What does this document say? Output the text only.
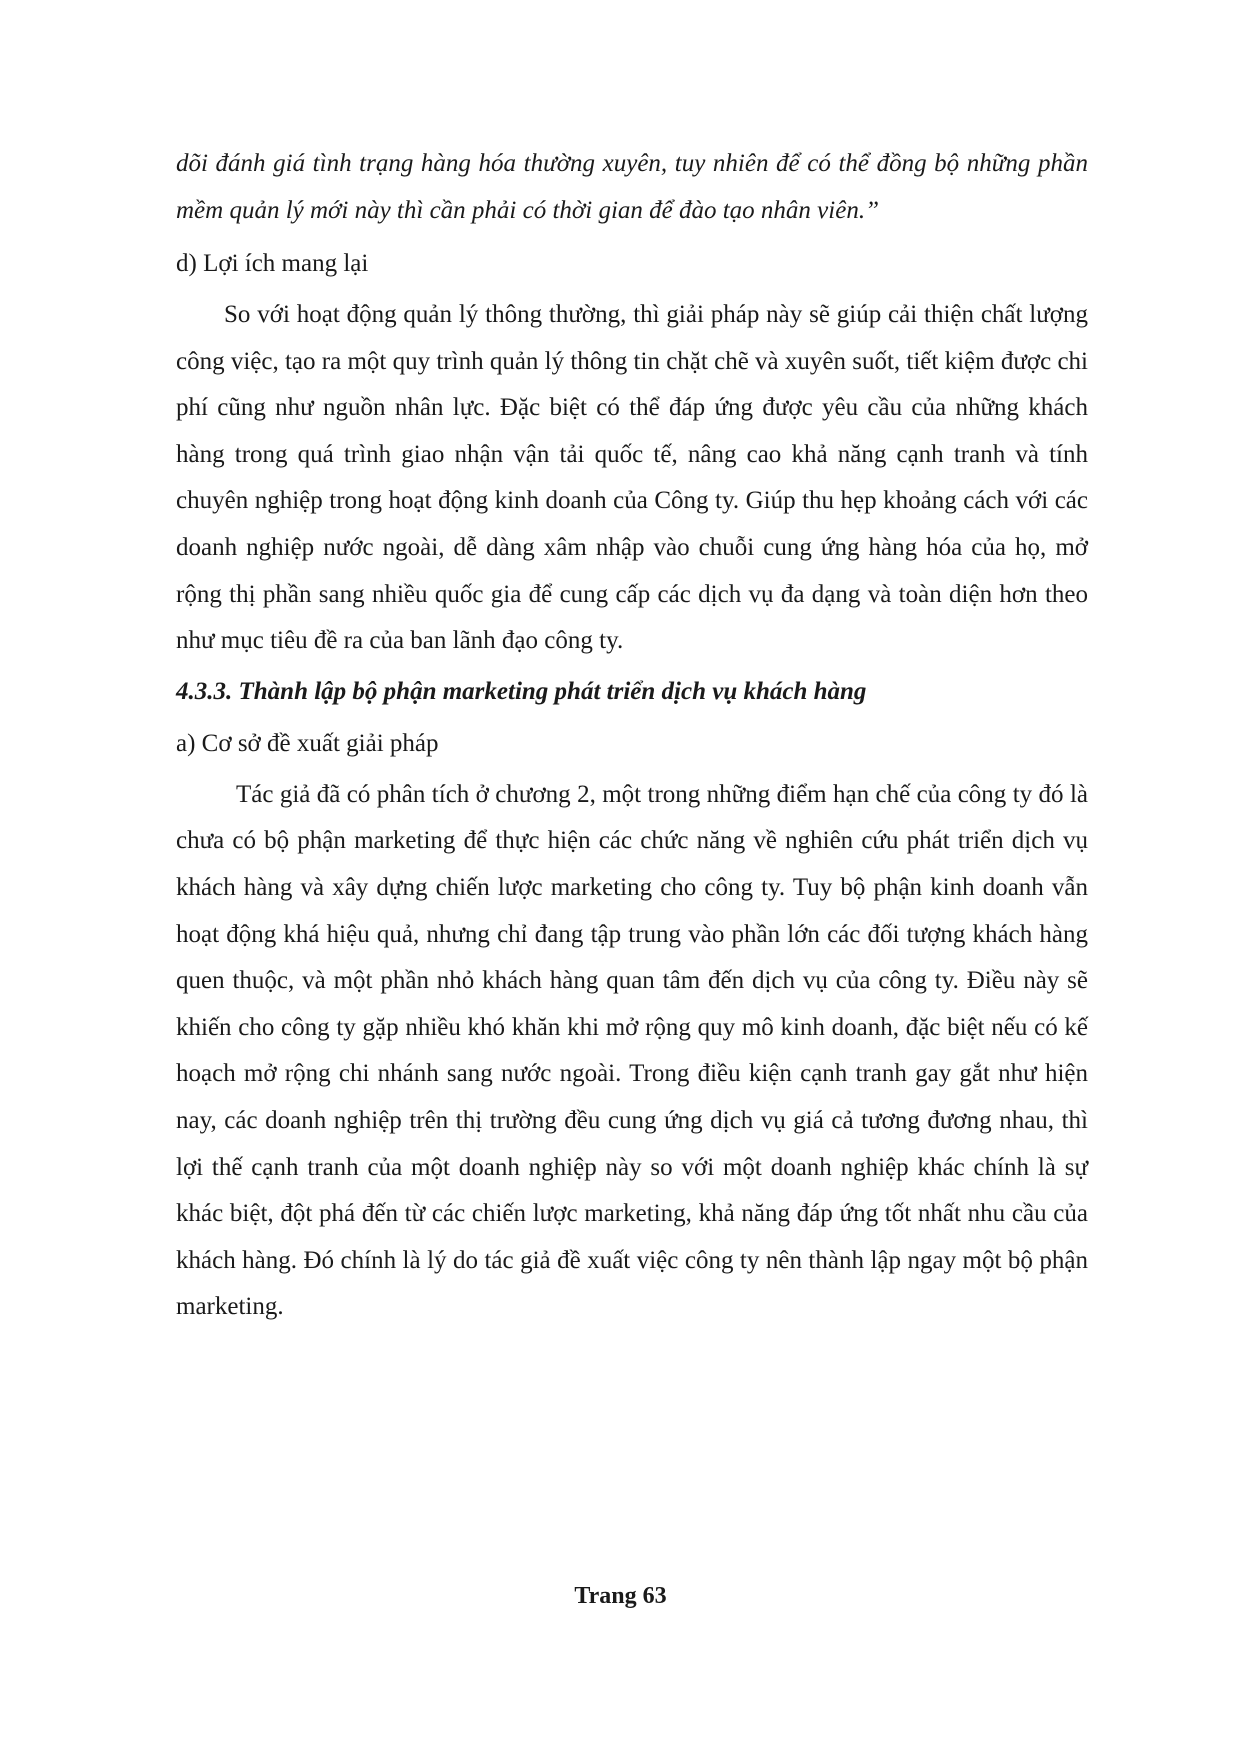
dõi đánh giá tình trạng hàng hóa thường xuyên, tuy nhiên để có thể đồng bộ những phần mềm quản lý mới này thì cần phải có thời gian để đào tạo nhân viên.”

d) Lợi ích mang lại

So với hoạt động quản lý thông thường, thì giải pháp này sẽ giúp cải thiện chất lượng công việc, tạo ra một quy trình quản lý thông tin chặt chẽ và xuyên suốt, tiết kiệm được chi phí cũng như nguồn nhân lực. Đặc biệt có thể đáp ứng được yêu cầu của những khách hàng trong quá trình giao nhận vận tải quốc tế, nâng cao khả năng cạnh tranh và tính chuyên nghiệp trong hoạt động kinh doanh của Công ty. Giúp thu hẹp khoảng cách với các doanh nghiệp nước ngoài, dễ dàng xâm nhập vào chuỗi cung ứng hàng hóa của họ, mở rộng thị phần sang nhiều quốc gia để cung cấp các dịch vụ đa dạng và toàn diện hơn theo như mục tiêu đề ra của ban lãnh đạo công ty.

4.3.3. Thành lập bộ phận marketing phát triển dịch vụ khách hàng

a) Cơ sở đề xuất giải pháp

Tác giả đã có phân tích ở chương 2, một trong những điểm hạn chế của công ty đó là chưa có bộ phận marketing để thực hiện các chức năng về nghiên cứu phát triển dịch vụ khách hàng và xây dựng chiến lược marketing cho công ty. Tuy bộ phận kinh doanh vẫn hoạt động khá hiệu quả, nhưng chỉ đang tập trung vào phần lớn các đối tượng khách hàng quen thuộc, và một phần nhỏ khách hàng quan tâm đến dịch vụ của công ty. Điều này sẽ khiến cho công ty gặp nhiều khó khăn khi mở rộng quy mô kinh doanh, đặc biệt nếu có kế hoạch mở rộng chi nhánh sang nước ngoài. Trong điều kiện cạnh tranh gay gắt như hiện nay, các doanh nghiệp trên thị trường đều cung ứng dịch vụ giá cả tương đương nhau, thì lợi thế cạnh tranh của một doanh nghiệp này so với một doanh nghiệp khác chính là sự khác biệt, đột phá đến từ các chiến lược marketing, khả năng đáp ứng tốt nhất nhu cầu của khách hàng. Đó chính là lý do tác giả đề xuất việc công ty nên thành lập ngay một bộ phận marketing.

Trang 63
